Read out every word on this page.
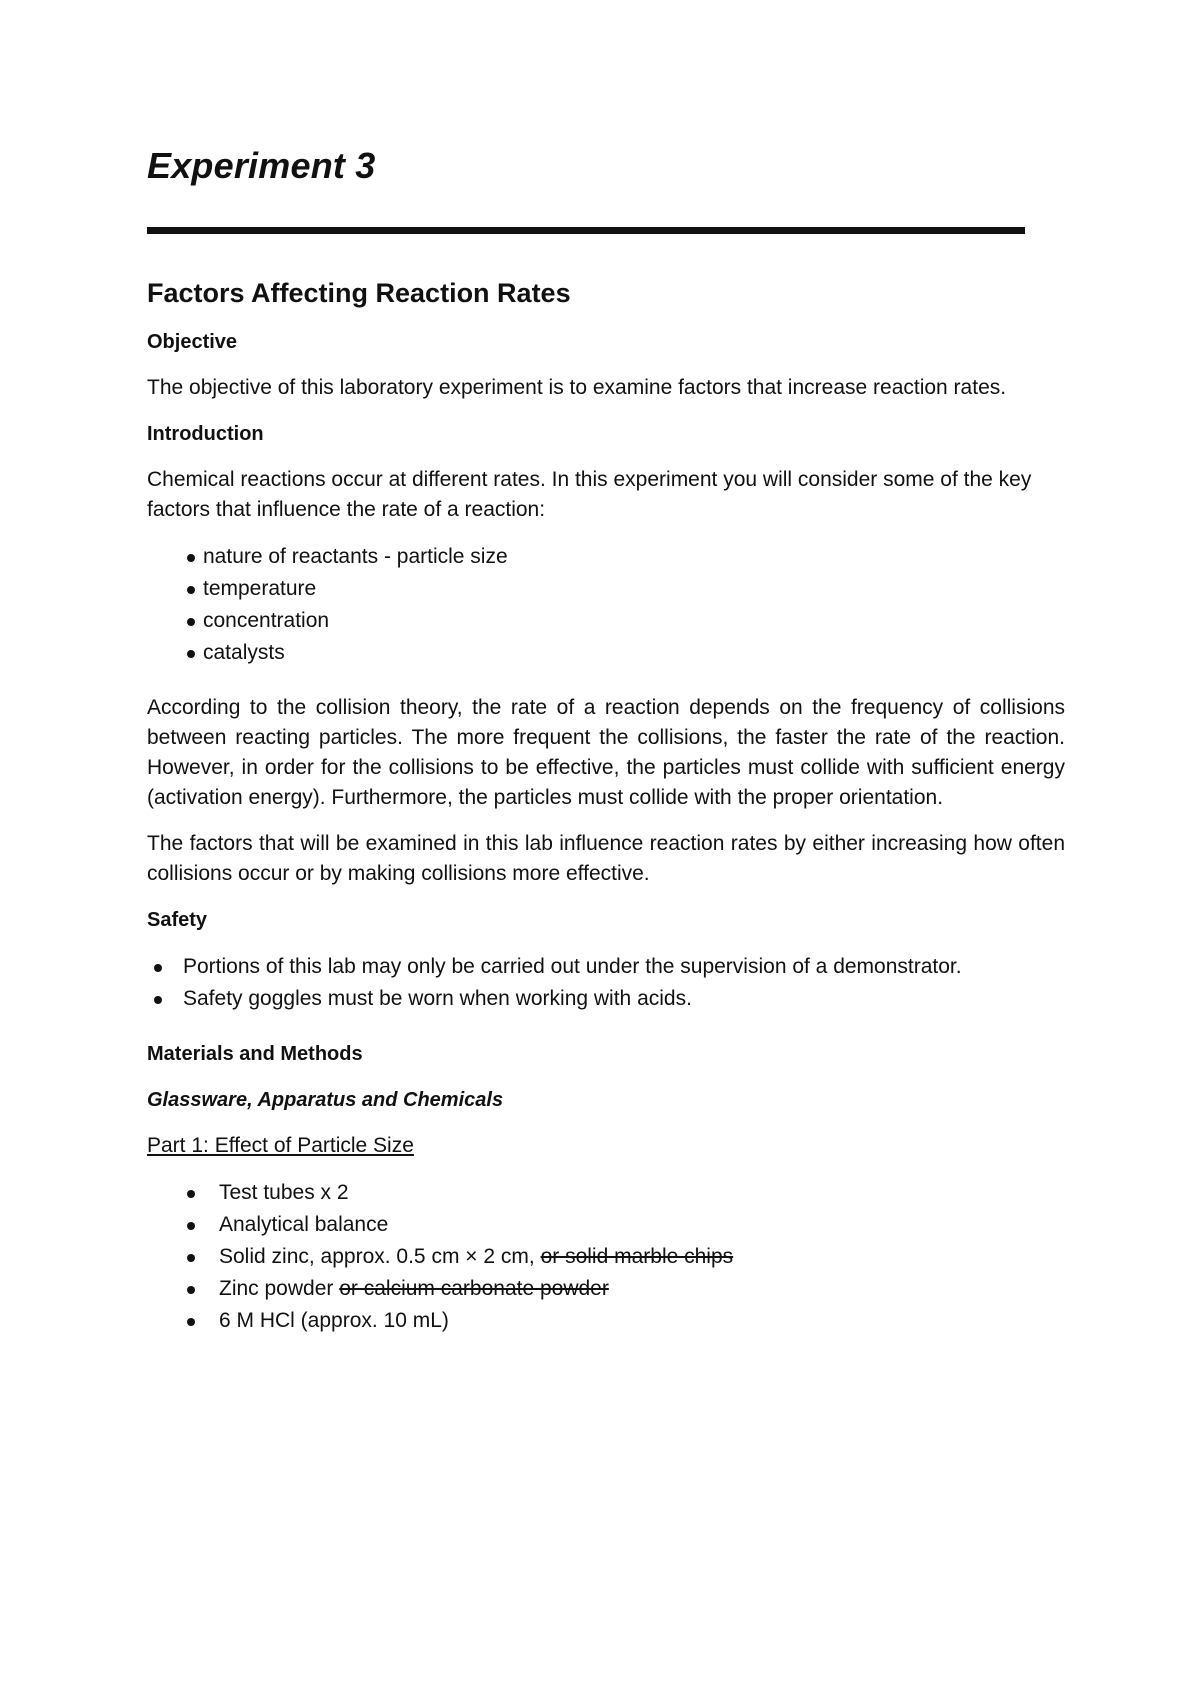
Experiment 3
Factors Affecting Reaction Rates
Objective

The objective of this laboratory experiment is to examine factors that increase reaction rates.

Introduction

Chemical reactions occur at different rates. In this experiment you will consider some of the key factors that influence the rate of a reaction:

nature of reactants - particle size
temperature
concentration
catalysts

According to the collision theory, the rate of a reaction depends on the frequency of collisions between reacting particles. The more frequent the collisions, the faster the rate of the reaction. However, in order for the collisions to be effective, the particles must collide with sufficient energy (activation energy). Furthermore, the particles must collide with the proper orientation.

The factors that will be examined in this lab influence reaction rates by either increasing how often collisions occur or by making collisions more effective.

Safety
Portions of this lab may only be carried out under the supervision of a demonstrator.
Safety goggles must be worn when working with acids.
Materials and Methods
Glassware, Apparatus and Chemicals
Part 1: Effect of Particle Size
Test tubes x 2
Analytical balance
Solid zinc, approx. 0.5 cm × 2 cm, or solid marble chips
Zinc powder or calcium carbonate powder
6 M HCl (approx. 10 mL)
